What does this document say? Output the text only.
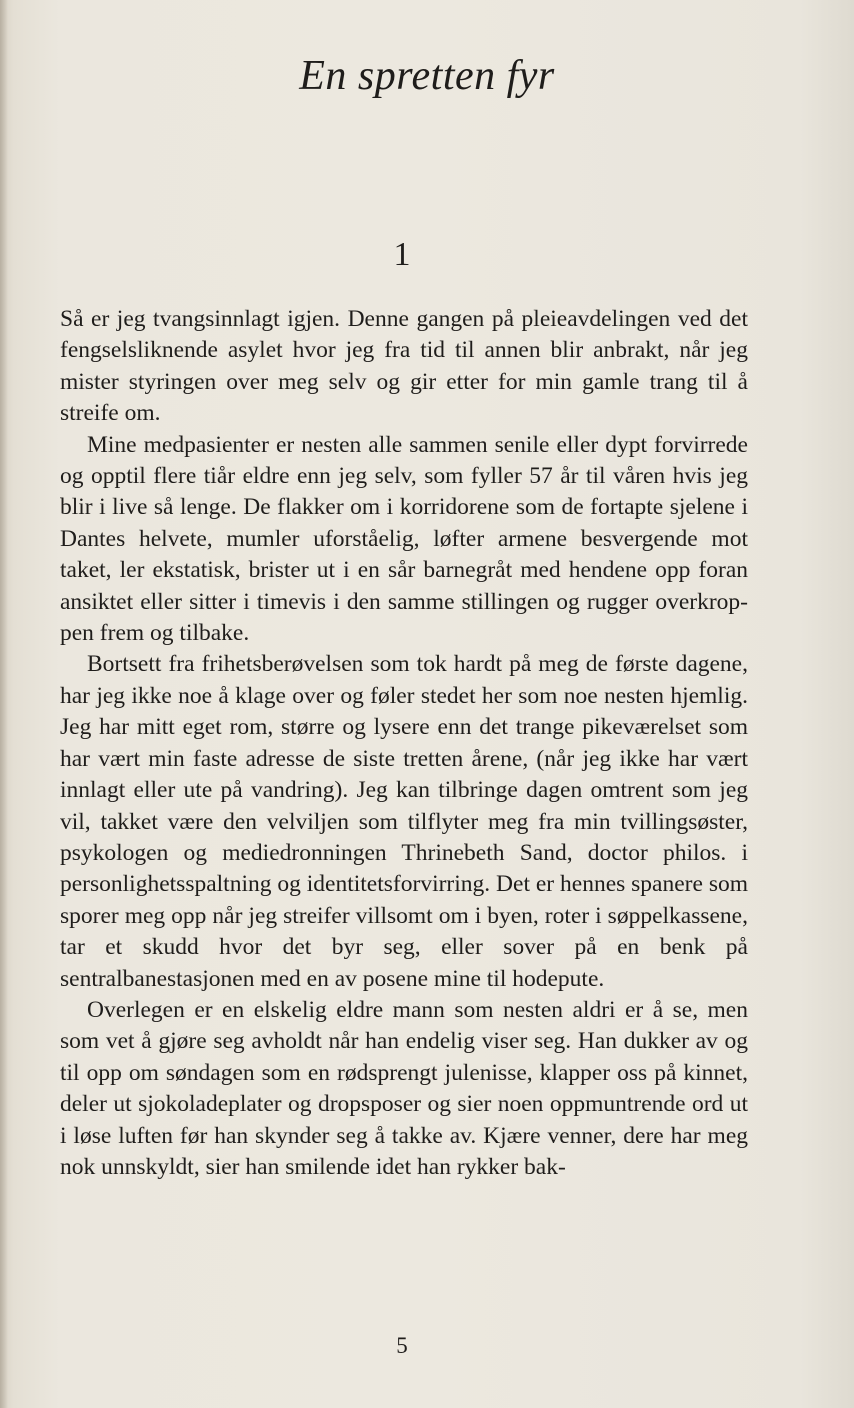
En spretten fyr
1

Så er jeg tvangsinnlagt igjen. Denne gangen på pleieavdelingen ved det fengselsliknende asylet hvor jeg fra tid til annen blir anbrakt, når jeg mister styringen over meg selv og gir etter for min gamle trang til å streife om.

Mine medpasienter er nesten alle sammen senile eller dypt forvirrede og opptil flere tiår eldre enn jeg selv, som fyller 57 år til våren hvis jeg blir i live så lenge. De flakker om i korridorene som de fortapte sjelene i Dantes helvete, mumler uforståelig, løfter armene besvergende mot taket, ler ekstatisk, brister ut i en sår barnegråt med hendene opp foran ansiktet eller sitter i timevis i den samme stillingen og rugger overkroppen frem og tilbake.

Bortsett fra frihetsberøvelsen som tok hardt på meg de første dagene, har jeg ikke noe å klage over og føler stedet her som noe nesten hjemlig. Jeg har mitt eget rom, større og lysere enn det trange pikeværelset som har vært min faste adresse de siste tretten årene, (når jeg ikke har vært innlagt eller ute på vandring). Jeg kan tilbringe dagen omtrent som jeg vil, takket være den velviljen som tilflyter meg fra min tvillingsøster, psykologen og mediedronningen Thrinebeth Sand, doctor philos. i personlighetsspaltning og identitetsforvirring. Det er hennes spanere som sporer meg opp når jeg streifer villsomt om i byen, roter i søppelkassene, tar et skudd hvor det byr seg, eller sover på en benk på sentralbanestasjonen med en av posene mine til hodepute.

Overlegen er en elskelig eldre mann som nesten aldri er å se, men som vet å gjøre seg avholdt når han endelig viser seg. Han dukker av og til opp om søndagen som en rødsprengt julenisse, klapper oss på kinnet, deler ut sjokoladeplater og dropsposer og sier noen oppmuntrende ord ut i løse luften før han skynder seg å takke av. Kjære venner, dere har meg nok unnskyldt, sier han smilende idet han rykker bak-

5
